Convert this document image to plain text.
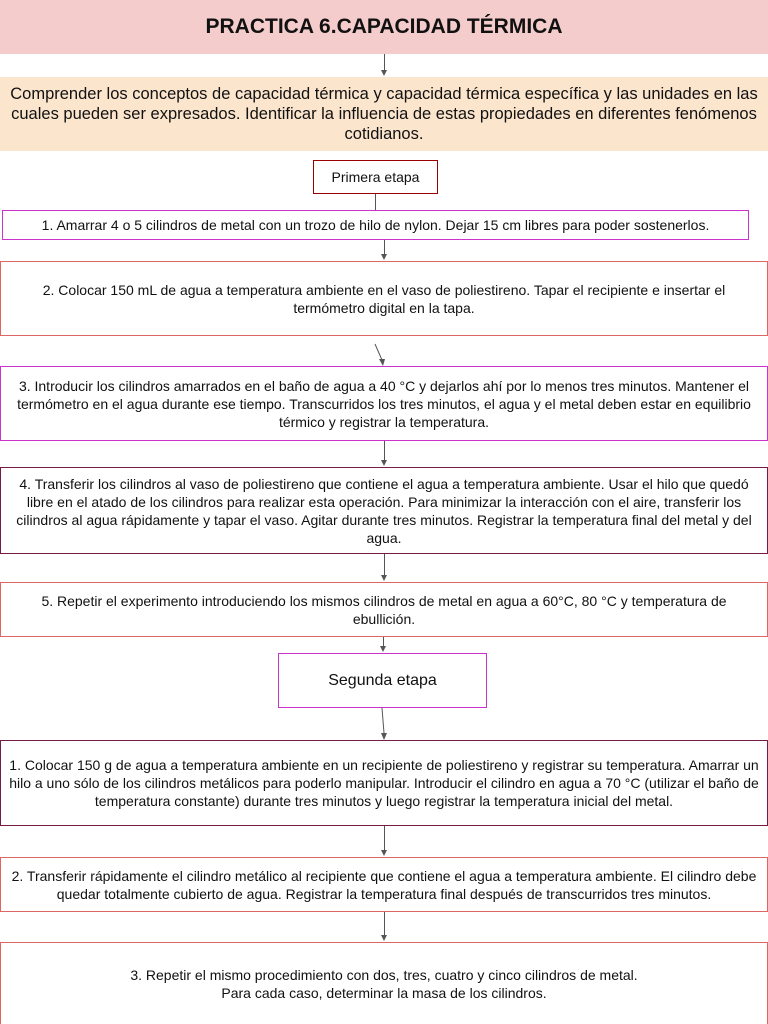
PRACTICA 6.CAPACIDAD TÉRMICA
Comprender los conceptos de capacidad térmica y capacidad térmica específica y las unidades en las cuales pueden ser expresados. Identificar la influencia de estas propiedades en diferentes fenómenos cotidianos.
Primera etapa
1. Amarrar 4 o 5 cilindros de metal con un trozo de hilo de nylon. Dejar 15 cm libres para poder sostenerlos.
2. Colocar 150 mL de agua a temperatura ambiente en el vaso de poliestireno. Tapar el recipiente e insertar el termómetro digital en la tapa.
3. Introducir los cilindros amarrados en el baño de agua a 40 °C y dejarlos ahí por lo menos tres minutos. Mantener el termómetro en el agua durante ese tiempo. Transcurridos los tres minutos, el agua y el metal deben estar en equilibrio térmico y registrar la temperatura.
4. Transferir los cilindros al vaso de poliestireno que contiene el agua a temperatura ambiente. Usar el hilo que quedó libre en el atado de los cilindros para realizar esta operación. Para minimizar la interacción con el aire, transferir los cilindros al agua rápidamente y tapar el vaso. Agitar durante tres minutos. Registrar la temperatura final del metal y del agua.
5. Repetir el experimento introduciendo los mismos cilindros de metal en agua a 60°C, 80 °C y temperatura de ebullición.
Segunda etapa
1. Colocar 150 g de agua a temperatura ambiente en un recipiente de poliestireno y registrar su temperatura. Amarrar un hilo a uno sólo de los cilindros metálicos para poderlo manipular. Introducir el cilindro en agua a 70 °C (utilizar el baño de temperatura constante) durante tres minutos y luego registrar la temperatura inicial del metal.
2. Transferir rápidamente el cilindro metálico al recipiente que contiene el agua a temperatura ambiente. El cilindro debe quedar totalmente cubierto de agua. Registrar la temperatura final después de transcurridos tres minutos.
3. Repetir el mismo procedimiento con dos, tres, cuatro y cinco cilindros de metal.
Para cada caso, determinar la masa de los cilindros.
